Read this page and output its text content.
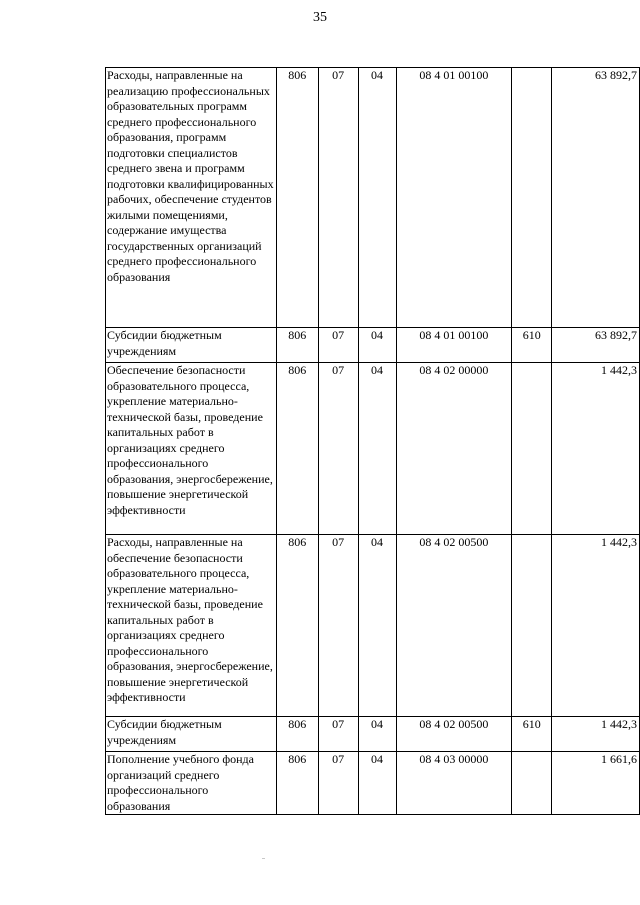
35
Расходы, направленные на реализацию профессиональных образовательных программ среднего профессионального образования, программ подготовки специалистов среднего звена и программ подготовки квалифицированных рабочих, обеспечение студентов жилыми помещениями, содержание имущества государственных организаций среднего профессионального образования	806	07	04	08 4 01 00100		63 892,7
Субсидии бюджетным учреждениям	806	07	04	08 4 01 00100	610	63 892,7
Обеспечение безопасности образовательного процесса, укрепление материально-технической базы, проведение капитальных работ в организациях среднего профессионального образования, энергосбережение, повышение энергетической эффективности	806	07	04	08 4 02 00000		1 442,3
Расходы, направленные на обеспечение безопасности образовательного процесса, укрепление материально-технической базы, проведение капитальных работ в организациях среднего профессионального образования, энергосбережение, повышение энергетической эффективности	806	07	04	08 4 02 00500		1 442,3
Субсидии бюджетным учреждениям	806	07	04	08 4 02 00500	610	1 442,3
Пополнение учебного фонда организаций среднего профессионального образования	806	07	04	08 4 03 00000		1 661,6
